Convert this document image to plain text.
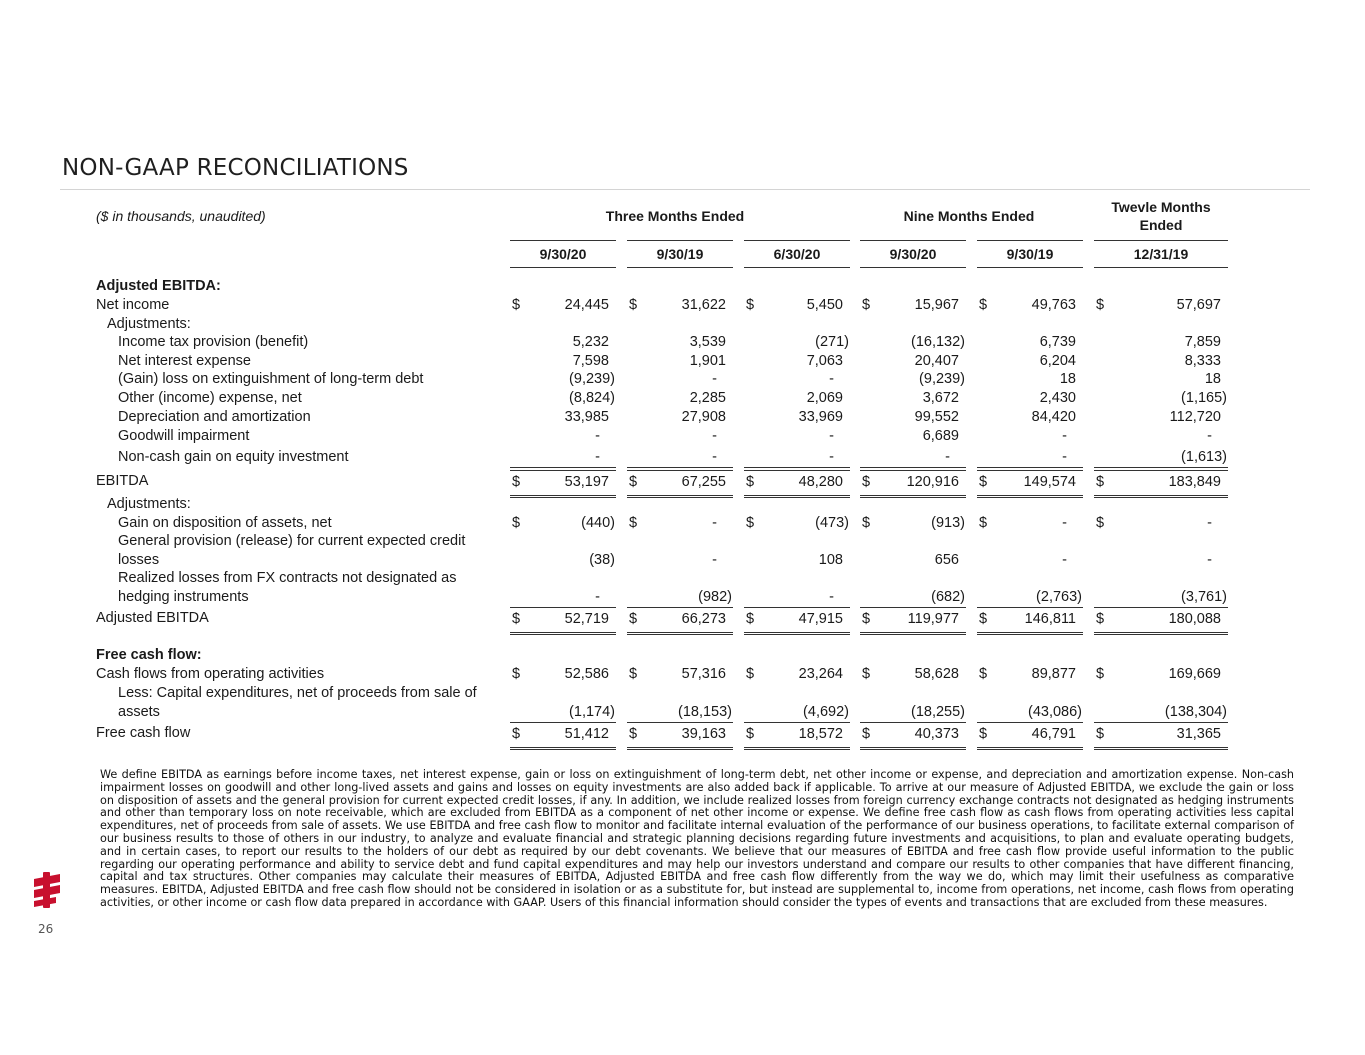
NON-GAAP RECONCILIATIONS
($ in thousands, unaudited)	Three Months Ended	Nine Months Ended
Twevle Months Ended
9/30/20	9/30/19	6/30/20	9/30/20	9/30/19	12/31/19
Adjusted EBITDA:
Net income	$	24,445 $	31,622 $	5,450 $	15,967 $	49,763 $	57,697
Adjustments:
Income tax provision (benefit)	5,232	3,539	(271)	(16,132)	6,739	7,859
Net interest expense	7,598	1,901	7,063	20,407	6,204	8,333
(Gain) loss on extinguishment of long-term debt	(9,239)	-	-	(9,239)	18	18
Other (income) expense, net	(8,824)	2,285	2,069	3,672	2,430	(1,165)
Depreciation and amortization	33,985	27,908	33,969	99,552	84,420	112,720
Goodwill impairment	-	-	-	6,689	-	-
Non-cash gain on equity investment	-	-	-	-	-	(1,613)
EBITDA	$	53,197 $	67,255 $	48,280 $	120,916 $	149,574 $	183,849
Adjustments:
Gain on disposition of assets, net	$	(440) $	- $	(473) $	(913) $	- $	-
General provision (release) for current expected credit
losses	(38)	-	108	656	-	-
Realized losses from FX contracts not designated as
hedging instruments	-	(982)	-	(682)	(2,763)	(3,761)
Adjusted EBITDA	$	52,719 $	66,273 $	47,915 $	119,977 $	146,811 $	180,088
Free cash flow:
Cash flows from operating activities	$	52,586 $	57,316 $	23,264 $	58,628 $	89,877 $	169,669
Less: Capital expenditures, net of proceeds from sale of
assets	(1,174)	(18,153)	(4,692)	(18,255)	(43,086)	(138,304)
Free cash flow	$	51,412 $	39,163 $	18,572 $	40,373 $	46,791 $	31,365
We define EBITDA as earnings before income taxes, net interest expense, gain or loss on extinguishment of long-term debt, net other income or expense, and depreciation and amortization expense. Non-cash impairment losses on goodwill and other long-lived assets and gains and losses on equity investments are also added back if applicable. To arrive at our measure of Adjusted EBITDA, we exclude the gain or loss on disposition of assets and the general provision for current expected credit losses, if any. In addition, we include realized losses from foreign currency exchange contracts not designated as hedging instruments and other than temporary loss on note receivable, which are excluded from EBITDA as a component of net other income or expense. We define free cash flow as cash flows from operating activities less capital expenditures, net of proceeds from sale of assets. We use EBITDA and free cash flow to monitor and facilitate internal evaluation of the performance of our business operations, to facilitate external comparison of our business results to those of others in our industry, to analyze and evaluate financial and strategic planning decisions regarding future investments and acquisitions, to plan and evaluate operating budgets, and in certain cases, to report our results to the holders of our debt as required by our debt covenants. We believe that our measures of EBITDA and free cash flow provide useful information to the public regarding our operating performance and ability to service debt and fund capital expenditures and may help our investors understand and compare our results to other companies that have different financing, capital and tax structures. Other companies may calculate their measures of EBITDA, Adjusted EBITDA and free cash flow differently from the way we do, which may limit their usefulness as comparative measures. EBITDA, Adjusted EBITDA and free cash flow should not be considered in isolation or as a substitute for, but instead are supplemental to, income from operations, net income, cash flows from operating activities, or other income or cash flow data prepared in accordance with GAAP. Users of this financial information should consider the types of events and transactions that are excluded from these measures.
26
